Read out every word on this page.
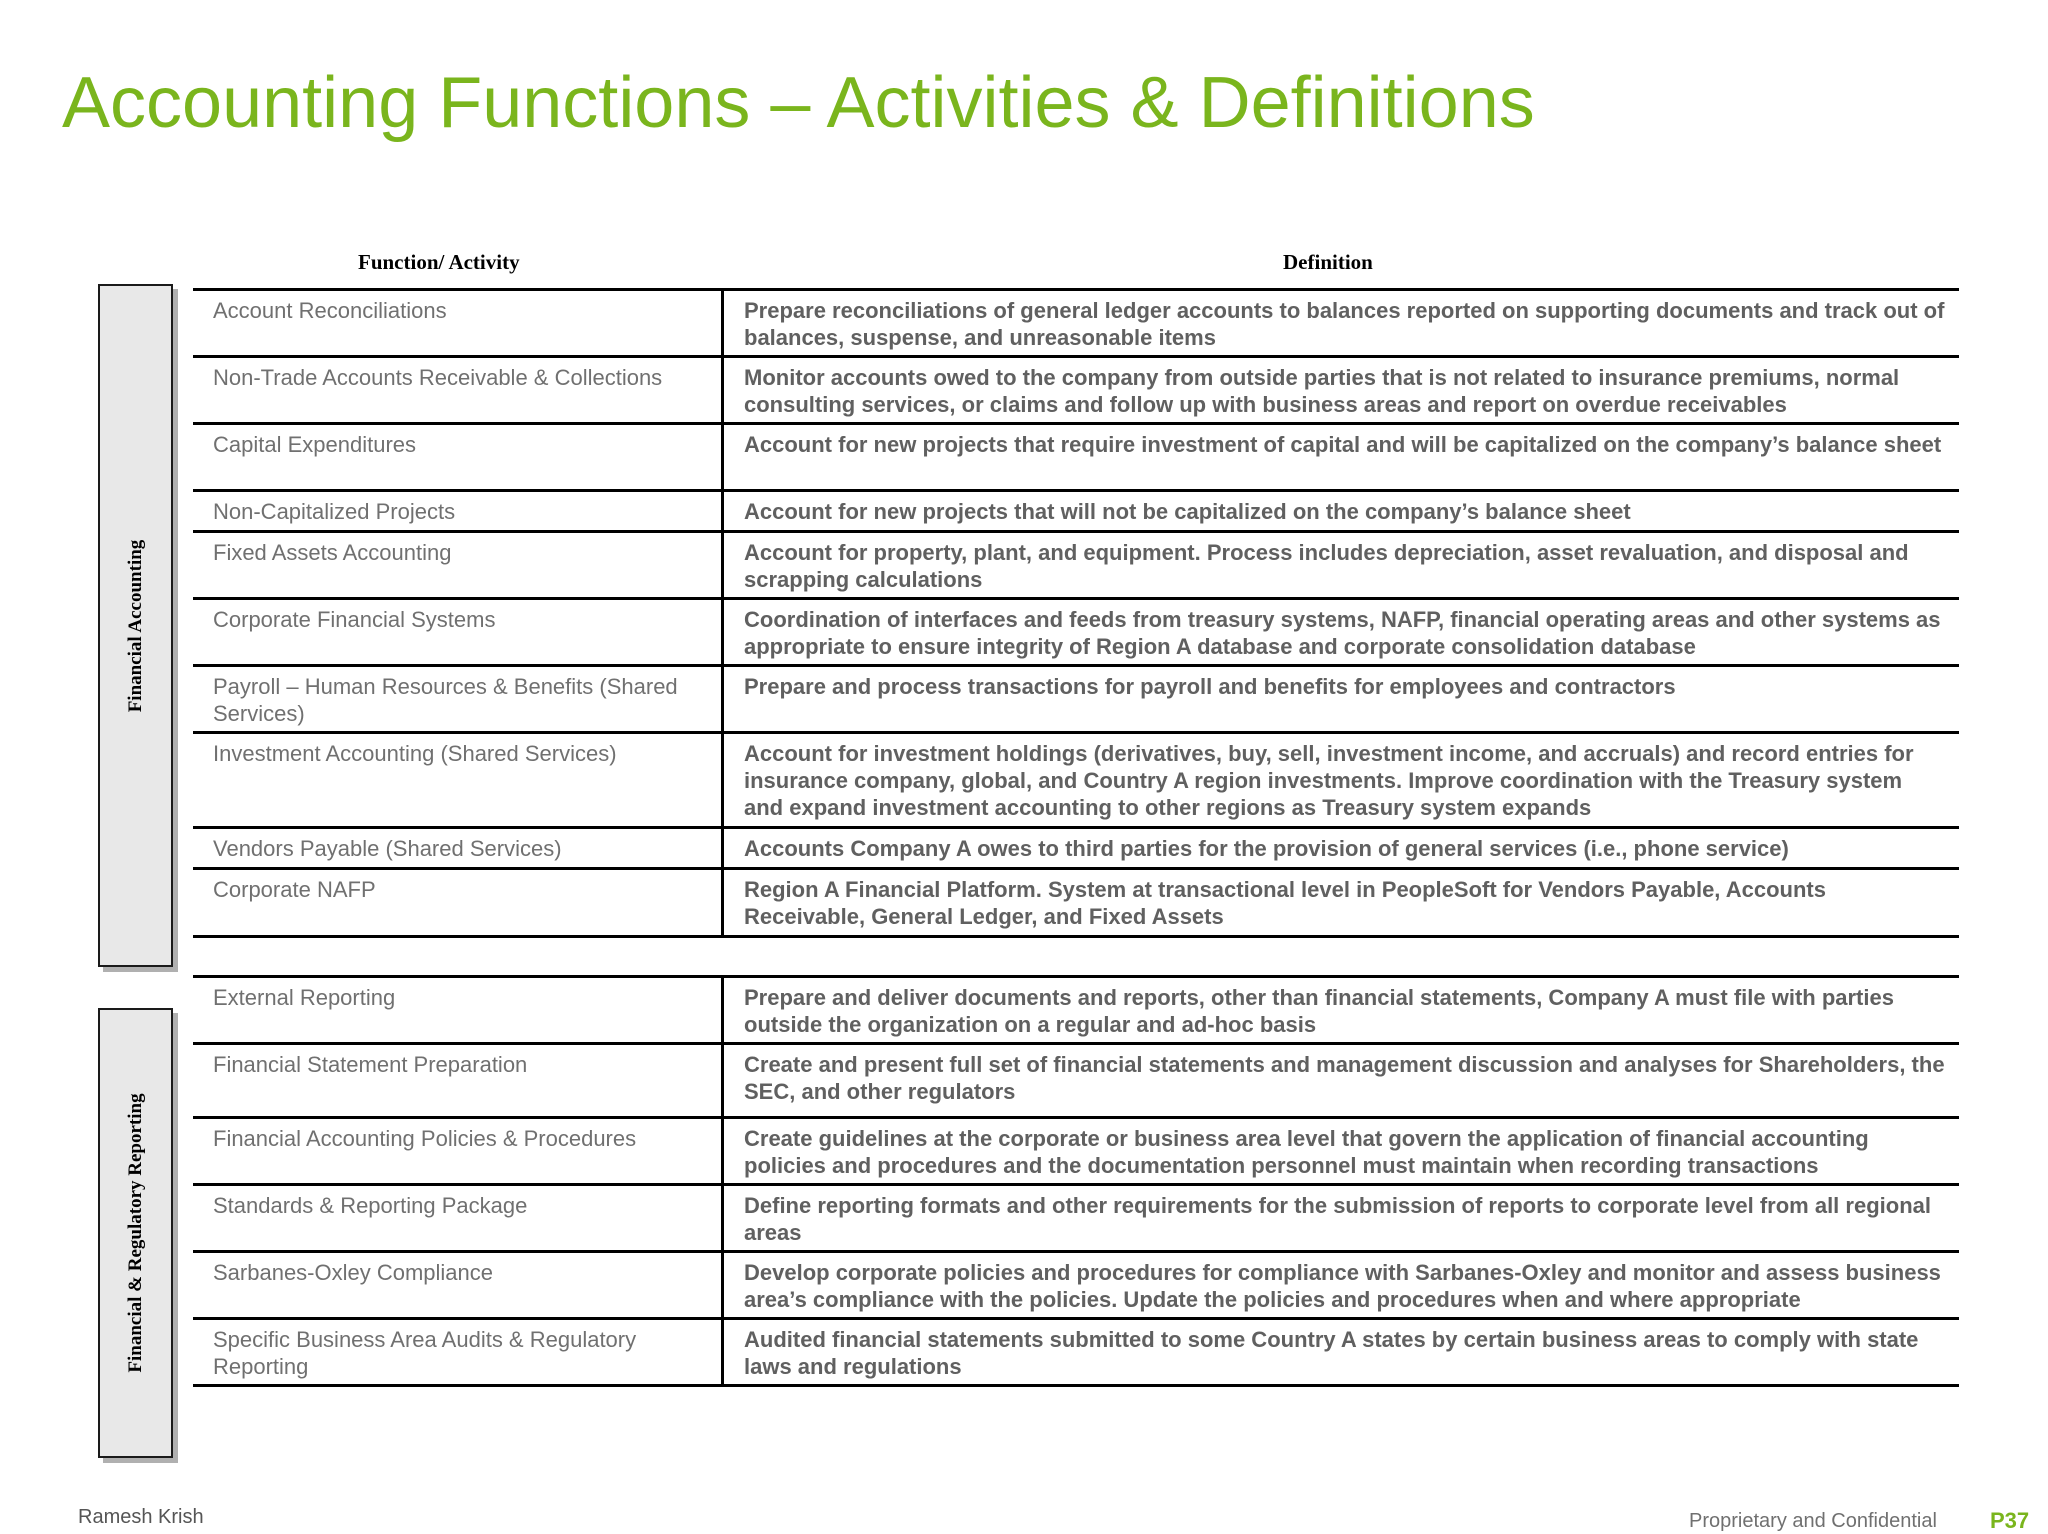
Accounting Functions – Activities & Definitions
Function/ Activity	Definition
Financial Accounting
Account Reconciliations	Prepare reconciliations of general ledger accounts to balances reported on supporting documents and track out of balances, suspense, and unreasonable items
Non-Trade Accounts Receivable & Collections	Monitor accounts owed to the company from outside parties that is not related to insurance premiums, normal consulting services, or claims and follow up with business areas and report on overdue receivables
Capital Expenditures	Account for new projects that require investment of capital and will be capitalized on the company’s balance sheet
Non-Capitalized Projects	Account for new projects that will not be capitalized on the company’s balance sheet
Fixed Assets Accounting	Account for property, plant, and equipment. Process includes depreciation, asset revaluation, and disposal and scrapping calculations
Corporate Financial Systems	Coordination of interfaces and feeds from treasury systems, NAFP, financial operating areas and other systems as appropriate to ensure integrity of Region A database and corporate consolidation database
Payroll – Human Resources & Benefits (Shared Services)	Prepare and process transactions for payroll and benefits for employees and contractors
Investment Accounting (Shared Services)	Account for investment holdings (derivatives, buy, sell, investment income, and accruals) and record entries for insurance company, global, and Country A region investments. Improve coordination with the Treasury system and expand investment accounting to other regions as Treasury system expands
Vendors Payable (Shared Services)	Accounts Company A owes to third parties for the provision of general services (i.e., phone service)
Corporate NAFP	Region A Financial Platform. System at transactional level in PeopleSoft for Vendors Payable, Accounts Receivable, General Ledger, and Fixed Assets
Financial & Regulatory Reporting
External Reporting	Prepare and deliver documents and reports, other than financial statements, Company A must file with parties outside the organization on a regular and ad-hoc basis
Financial Statement Preparation	Create and present full set of financial statements and management discussion and analyses for Shareholders, the SEC, and other regulators
Financial Accounting Policies & Procedures	Create guidelines at the corporate or business area level that govern the application of financial accounting policies and procedures and the documentation personnel must maintain when recording transactions
Standards & Reporting Package	Define reporting formats and other requirements for the submission of reports to corporate level from all regional areas
Sarbanes-Oxley Compliance	Develop corporate policies and procedures for compliance with Sarbanes-Oxley and monitor and assess business area’s compliance with the policies. Update the policies and procedures when and where appropriate
Specific Business Area Audits & Regulatory Reporting	Audited financial statements submitted to some Country A states by certain business areas to comply with state laws and regulations
Ramesh Krish	Proprietary and Confidential P37
